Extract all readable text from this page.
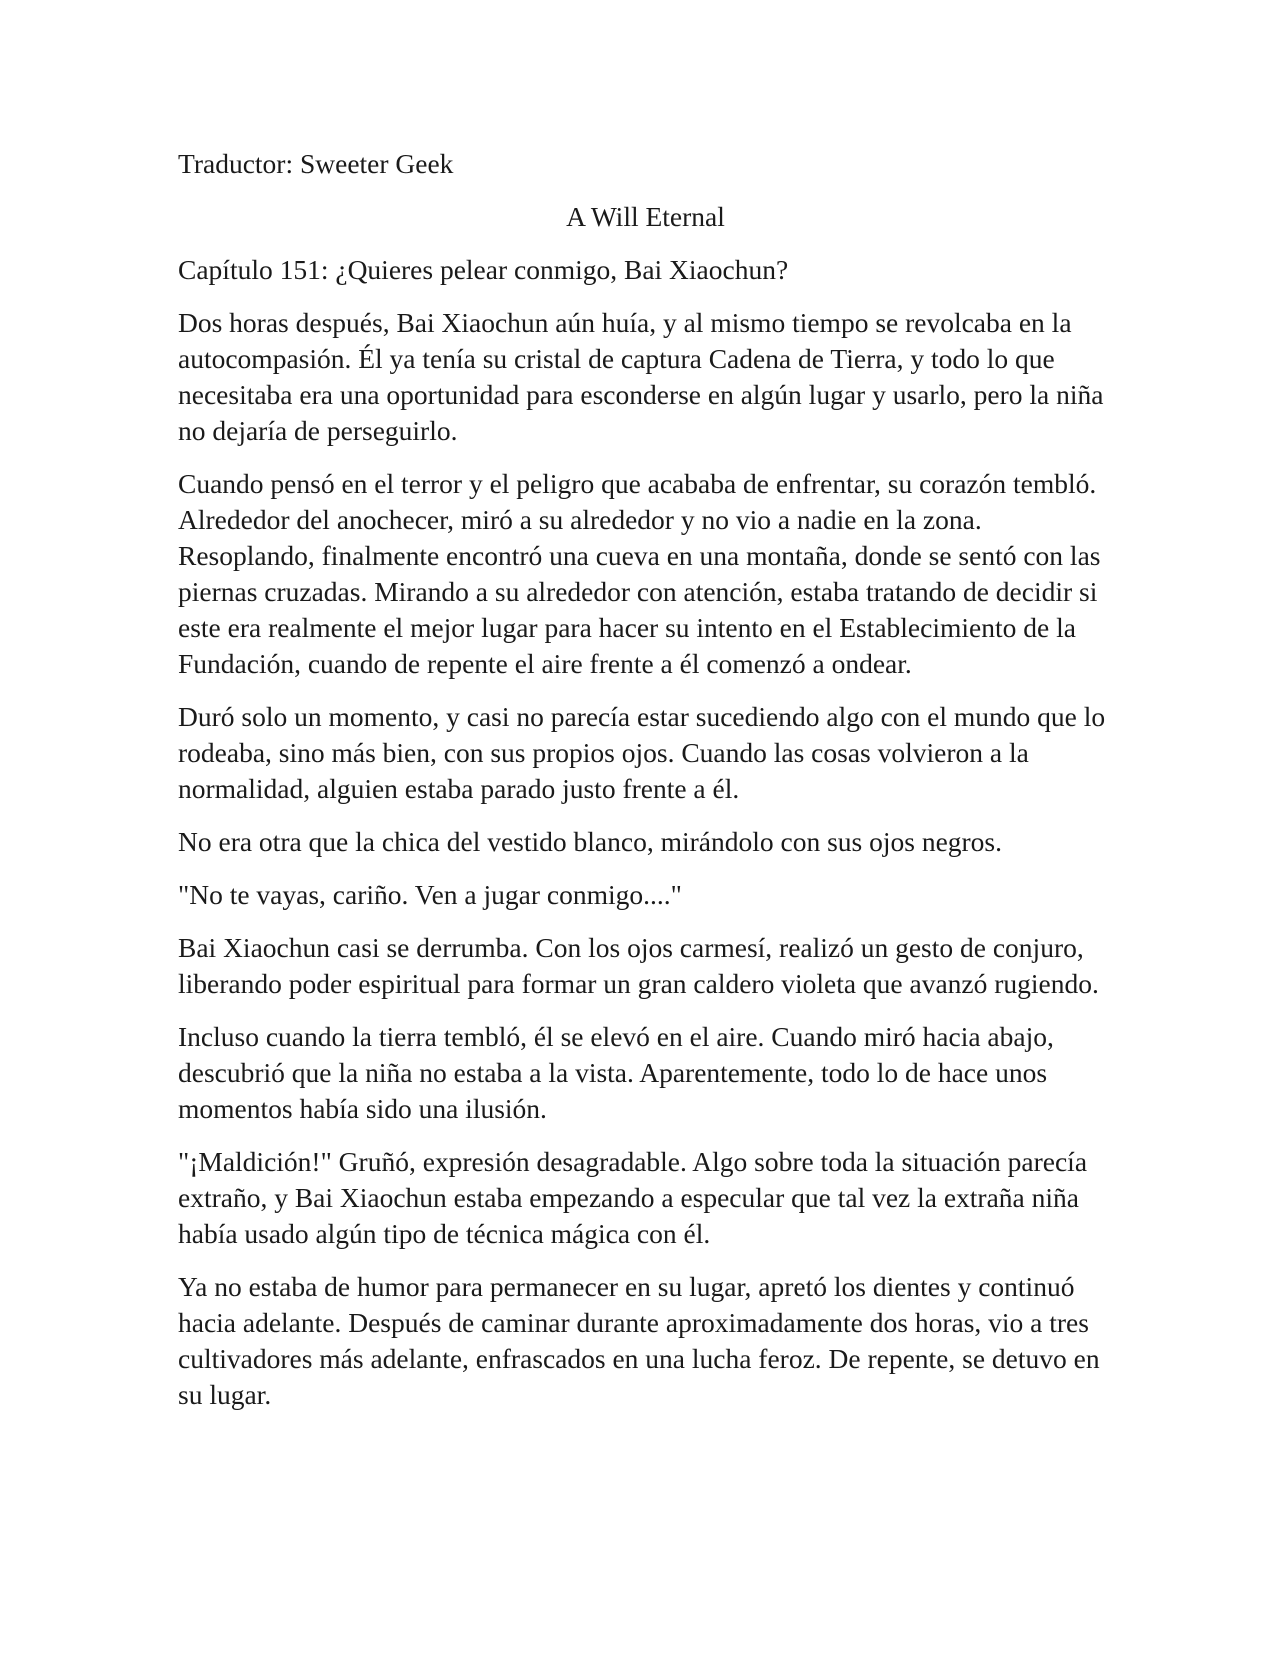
Traductor: Sweeter Geek
A Will Eternal
Capítulo 151: ¿Quieres pelear conmigo, Bai Xiaochun?

Dos horas después, Bai Xiaochun aún huía, y al mismo tiempo se revolcaba en la autocompasión. Él ya tenía su cristal de captura Cadena de Tierra, y todo lo que necesitaba era una oportunidad para esconderse en algún lugar y usarlo, pero la niña no dejaría de perseguirlo.

Cuando pensó en el terror y el peligro que acababa de enfrentar, su corazón tembló. Alrededor del anochecer, miró a su alrededor y no vio a nadie en la zona. Resoplando, finalmente encontró una cueva en una montaña, donde se sentó con las piernas cruzadas. Mirando a su alrededor con atención, estaba tratando de decidir si este era realmente el mejor lugar para hacer su intento en el Establecimiento de la Fundación, cuando de repente el aire frente a él comenzó a ondear.

Duró solo un momento, y casi no parecía estar sucediendo algo con el mundo que lo rodeaba, sino más bien, con sus propios ojos. Cuando las cosas volvieron a la normalidad, alguien estaba parado justo frente a él.

No era otra que la chica del vestido blanco, mirándolo con sus ojos negros.

"No te vayas, cariño. Ven a jugar conmigo...."

Bai Xiaochun casi se derrumba. Con los ojos carmesí, realizó un gesto de conjuro, liberando poder espiritual para formar un gran caldero violeta que avanzó rugiendo.

Incluso cuando la tierra tembló, él se elevó en el aire. Cuando miró hacia abajo, descubrió que la niña no estaba a la vista. Aparentemente, todo lo de hace unos momentos había sido una ilusión.

"¡Maldición!" Gruñó, expresión desagradable. Algo sobre toda la situación parecía extraño, y Bai Xiaochun estaba empezando a especular que tal vez la extraña niña había usado algún tipo de técnica mágica con él.

Ya no estaba de humor para permanecer en su lugar, apretó los dientes y continuó hacia adelante. Después de caminar durante aproximadamente dos horas, vio a tres cultivadores más adelante, enfrascados en una lucha feroz. De repente, se detuvo en su lugar.
